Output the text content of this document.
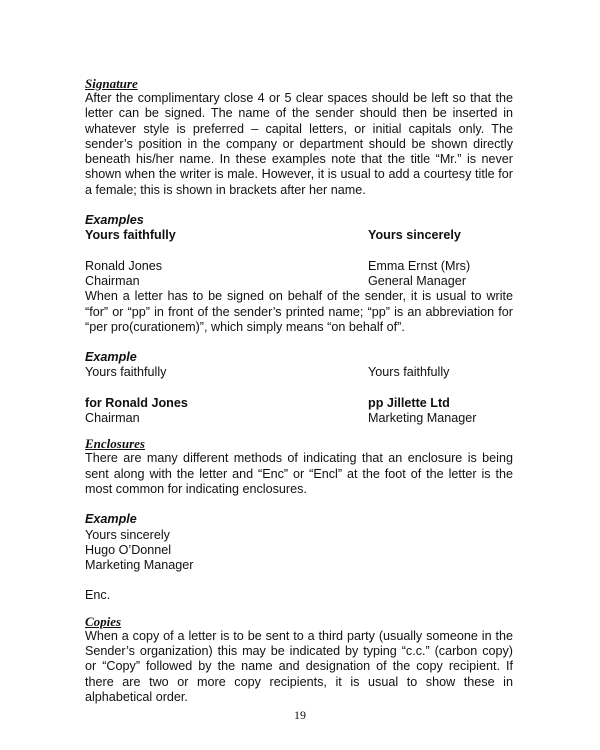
Signature

After the complimentary close 4 or 5 clear spaces should be left so that the letter can be signed. The name of the sender should then be inserted in whatever style is preferred – capital letters, or initial capitals only. The sender’s position in the company or department should be shown directly beneath his/her name. In these examples note that the title “Mr.” is never shown when the writer is male. However, it is usual to add a courtesy title for a female; this is shown in brackets after her name.

Examples

Yours faithfully	Yours sincerely
Ronald Jones	Emma Ernst (Mrs)
Chairman	General Manager

When a letter has to be signed on behalf of the sender, it is usual to write “for” or “pp” in front of the sender’s printed name; “pp” is an abbreviation for “per pro(curationem)”, which simply means “on behalf of”.

Example

Yours faithfully	Yours faithfully
for Ronald Jones	pp Jillette Ltd
Chairman	Marketing Manager

Enclosures

There are many different methods of indicating that an enclosure is being sent along with the letter and “Enc” or “Encl” at the foot of the letter is the most common for indicating enclosures.

Example

Yours sincerely

Hugo O’Donnel

Marketing Manager

Enc.

Copies

When a copy of a letter is to be sent to a third party (usually someone in the Sender’s organization) this may be indicated by typing “c.c.” (carbon copy) or “Copy” followed by the name and designation of the copy recipient. If there are two or more copy recipients, it is usual to show these in alphabetical order.

19
